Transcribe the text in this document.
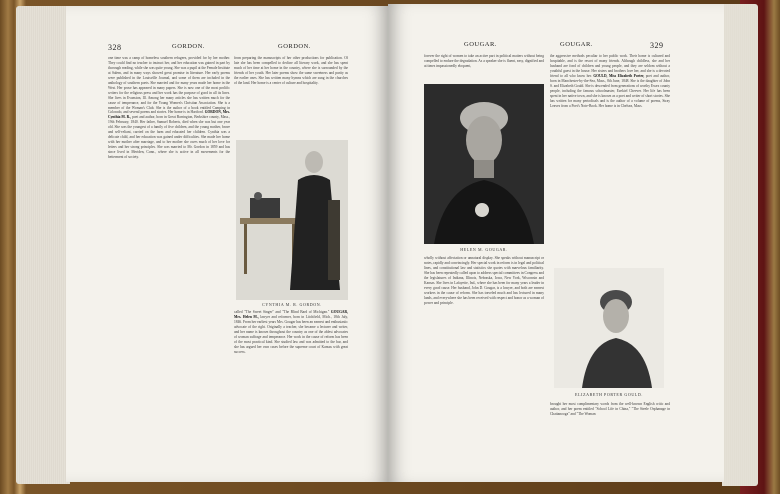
328	GORDON.	GORDON.
one time was a camp of homeless southern refugees, provided for by her mother. They could find no teacher to instruct her, and her education was gained in part by thorough reading, while she was quite young. She was a pupil at the Female Institute at Salem, and in many ways showed great promise in literature. Her early poems were published in the Louisville Journal, and some of them are included in the anthology of southern poets. She married and for many years made her home in the West. Her prose has appeared in many papers. She is now one of the most prolific writers for the religious press and her work has the purpose of good in all its lines. She lives in Evanston, Ill. Among her many articles she has written much for the cause of temperance, and for the Young Women's Christian Association. She is a member of the Woman's Club. She is the author of a book entitled Camping in Colorado, and several poems and stories. Her home is in Hartford. GORDON, Mrs. Cynthia M. R., poet and author, born in Great Barrington, Berkshire county, Mass., 19th February, 1840. Her father, Samuel Roberts, died when she was but one year old. She was the youngest of a family of five children, and the young mother, brave and self-reliant, carried on the farm and educated her children. Cynthia was a delicate child, and her education was gained under difficulties. She made her home with her mother after marriage, and to her mother she owes much of her love for letters and her strong principles. She was married to Mr. Gordon in 1859 and has since lived in Meriden, Conn., where she is active in all movements for the betterment of society.
from preparing the manuscripts of her other productions for publication. Of late she has been compelled to decline all literary work, and she has spent much of her time at her home in the country, where she is surrounded by the friends of her youth. Her later poems show the same sweetness and purity as the earlier ones. She has written many hymns which are sung in the churches of the land. Her home is a center of culture and hospitality.
CYNTHIA M. R. GORDON.
called "The Sweet Singer" and "The Blind Bard of Michigan." GOUGAR, Mrs. Helen M., lawyer and reformer, born in Litchfield, Mich., 18th July, 1846. From her earliest years Mrs. Gougar has been an earnest and enthusiastic advocate of the right. Originally a teacher, she became a lecturer and writer, and her name is known throughout the country as one of the ablest advocates of woman suffrage and temperance. Her work in the cause of reform has been of the most practical kind. She studied law and was admitted to the bar, and she has argued her own cases before the supreme court of Kansas with great success.
GOUGAR.	GOUGAR.	329
forever the right of women to take an active part in political matters without being compelled to endure the degradation. As a speaker she is fluent, easy, dignified and at times impassionedly eloquent,
HELEN M. GOUGAR.
wholly without affectation or unnatural display. She speaks without manuscript or notes, rapidly and convincingly. Her special work in reform is in legal and political lines, and constitutional law and statistics she quotes with marvelous familiarity. She has been repeatedly called upon to address special committees in Congress and the legislatures of Indiana, Illinois, Nebraska, Iowa, New York, Wisconsin and Kansas. She lives in Lafayette, Ind., where she has been for many years a leader in every good cause. Her husband, John D. Gougar, is a lawyer, and both are earnest workers in the cause of reform. She has traveled much and has lectured in many lands, and everywhere she has been received with respect and honor as a woman of power and principle.
the aggressive methods peculiar to her public work. Their home is cultured and hospitable, and is the resort of many friends. Although childless, she and her husband are fond of children and young people, and they are seldom without a youthful guest in the house. Her sisters and brothers love her, and she is a devoted friend to all who know her. GOULD, Miss Elizabeth Porter, poet and author, born in Manchester-by-the-Sea, Mass., 8th June, 1848. She is the daughter of John S. and Elizabeth Gould. She is descended from generations of worthy Essex county people, including the famous schoolmaster, Ezekiel Cheever. Her life has been spent in her native town, and she is known as a poet and writer of short stories. She has written for many periodicals and is the author of a volume of poems, Stray Leaves from a Poet's Note-Book. Her home is in Chelsea, Mass.
ELIZABETH PORTER GOULD.
brought her most complimentary words from the well-known English critic and author, and her poem entitled "School Life in China," "The Steele Orphanage in Chattanooga" and "The Woman
